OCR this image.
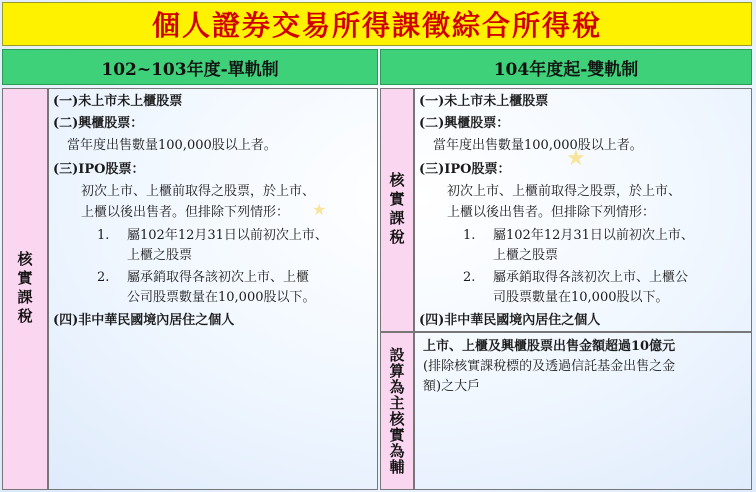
個人證券交易所得課徵綜合所得稅
102~103年度-單軌制	104年度起-雙軌制
核實課稅
(一)未上市未上櫃股票
(二)興櫃股票：
當年度出售數量100,000股以上者。
(三)IPO股票：
初次上市、上櫃前取得之股票，於上市、
上櫃以後出售者。但排除下列情形：
1. 屬102年12月31日以前初次上市、
上櫃之股票
2. 屬承銷取得各該初次上市、上櫃
公司股票數量在10,000股以下。
(四)非中華民國境內居住之個人
核實課稅
(一)未上市未上櫃股票
(二)興櫃股票：
當年度出售數量100,000股以上者。
(三)IPO股票：
初次上市、上櫃前取得之股票，於上市、
上櫃以後出售者。但排除下列情形：
1. 屬102年12月31日以前初次上市、
上櫃之股票
2. 屬承銷取得各該初次上市、上櫃公
司股票數量在10,000股以下。
(四)非中華民國境內居住之個人
設算為主核實為輔
上市、上櫃及興櫃股票出售金額超過10億元
(排除核實課稅標的及透過信託基金出售之金
額)之大戶
★
★
